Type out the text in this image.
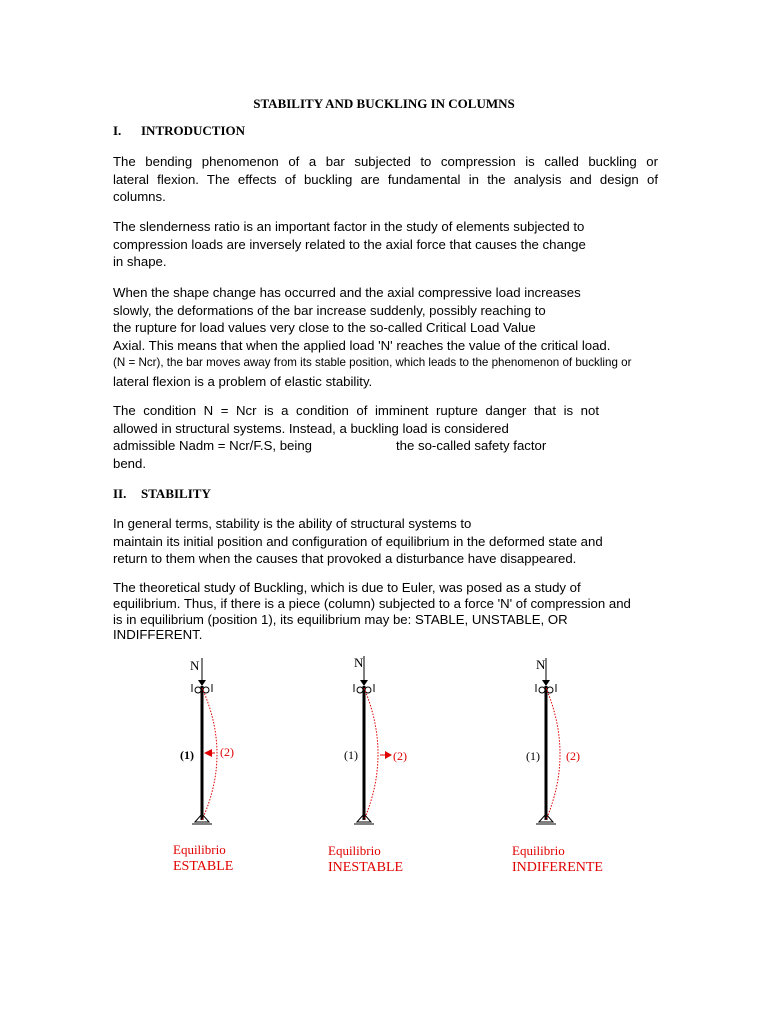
STABILITY AND BUCKLING IN COLUMNS
I. INTRODUCTION
The bending phenomenon of a bar subjected to compression is called buckling or
lateral flexion. The effects of buckling are fundamental in the analysis and design of
columns.
The slenderness ratio is an important factor in the study of elements subjected to
compression loads are inversely related to the axial force that causes the change
in shape.
When the shape change has occurred and the axial compressive load increases
slowly, the deformations of the bar increase suddenly, possibly reaching to
the rupture for load values very close to the so-called Critical Load Value
Axial. This means that when the applied load 'N' reaches the value of the critical load.
(N = Ncr), the bar moves away from its stable position, which leads to the phenomenon of buckling or
lateral flexion is a problem of elastic stability.
The condition N = Ncr is a condition of imminent rupture danger that is not
allowed in structural systems. Instead, a buckling load is considered
admissible Nadm = Ncr/F.S, being	the so-called safety factor
bend.
II. STABILITY
In general terms, stability is the ability of structural systems to
maintain its initial position and configuration of equilibrium in the deformed state and
return to them when the causes that provoked a disturbance have disappeared.
The theoretical study of Buckling, which is due to Euler, was posed as a study of
equilibrium. Thus, if there is a piece (column) subjected to a force 'N' of compression and
is in equilibrium (position 1), its equilibrium may be: STABLE, UNSTABLE, OR
INDIFFERENT.
N
(1) (2)
Equilibrio
ESTABLE
N
(1)	(2)
Equilibrio
INESTABLE
N
(1) (2)
Equilibrio
INDIFERENTE
